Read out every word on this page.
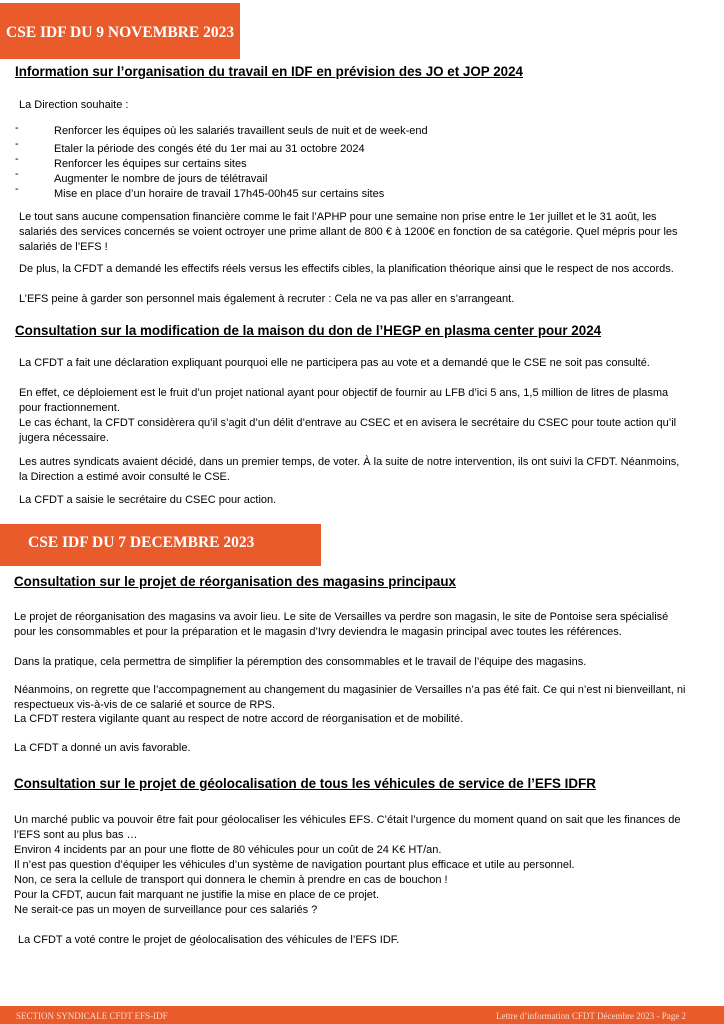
CSE IDF DU 9 NOVEMBRE 2023
Information sur l’organisation du travail en IDF en prévision des JO et JOP 2024

La Direction souhaite :

-	Renforcer les équipes où les salariés travaillent seuls de nuit et de week-end
-	Etaler la période des congés été du 1er mai au 31 octobre 2024
-	Renforcer les équipes sur certains sites
-	Augmenter le nombre de jours de télétravail
-	Mise en place d’un horaire de travail 17h45-00h45 sur certains sites

Le tout sans aucune compensation financière comme le fait l’APHP pour une semaine non prise entre le 1er juillet et le 31 août, les salariés des services concernés se voient octroyer une prime allant de 800 € à 1200€ en fonction de sa catégorie. Quel mépris pour les salariés de l’EFS !

De plus, la CFDT a demandé les effectifs réels versus les effectifs cibles, la planification théorique ainsi que le respect de nos accords.

L’EFS peine à garder son personnel mais également à recruter : Cela ne va pas aller en s’arrangeant.

Consultation sur la modification de la maison du don de l’HEGP en plasma center pour 2024

La CFDT a fait une déclaration expliquant pourquoi elle ne participera pas au vote et a demandé que le CSE ne soit pas consulté.

En effet, ce déploiement est le fruit d’un projet national ayant pour objectif de fournir au LFB d’ici 5 ans, 1,5 million de litres de plasma pour fractionnement.

Le cas échant, la CFDT considèrera qu’il s’agit d’un délit d’entrave au CSEC et en avisera le secrétaire du CSEC pour toute action qu’il jugera nécessaire.

Les autres syndicats avaient décidé, dans un premier temps, de voter. À la suite de notre intervention, ils ont suivi la CFDT. Néanmoins, la Direction a estimé avoir consulté le CSE.

La CFDT a saisie le secrétaire du CSEC pour action.

CSE IDF DU 7 DECEMBRE 2023
Consultation sur le projet de réorganisation des magasins principaux

Le projet de réorganisation des magasins va avoir lieu. Le site de Versailles va perdre son magasin, le site de Pontoise sera spécialisé pour les consommables et pour la préparation et le magasin d’Ivry deviendra le magasin principal avec toutes les références.

Dans la pratique, cela permettra de simplifier la péremption des consommables et le travail de l’équipe des magasins.

Néanmoins, on regrette que l’accompagnement au changement du magasinier de Versailles n’a pas été fait. Ce qui n’est ni bienveillant, ni respectueux vis-à-vis de ce salarié et source de RPS.

La CFDT restera vigilante quant au respect de notre accord de réorganisation et de mobilité.

La CFDT a donné un avis favorable.

Consultation sur le projet de géolocalisation de tous les véhicules de service de l’EFS IDFR

Un marché public va pouvoir être fait pour géolocaliser les véhicules EFS. C’était l’urgence du moment quand on sait que les finances de l’EFS sont au plus bas …

Environ 4 incidents par an pour une flotte de 80 véhicules pour un coût de 24 K€ HT/an.

Il n’est pas question d’équiper les véhicules d’un système de navigation pourtant plus efficace et utile au personnel.

Non, ce sera la cellule de transport qui donnera le chemin à prendre en cas de bouchon !

Pour la CFDT, aucun fait marquant ne justifie la mise en place de ce projet.

Ne serait-ce pas un moyen de surveillance pour ces salariés ?

La CFDT a voté contre le projet de géolocalisation des véhicules de l’EFS IDF.

SECTION SYNDICALE CFDT EFS-IDF	Lettre d’information CFDT Décembre 2023 - Page 2
